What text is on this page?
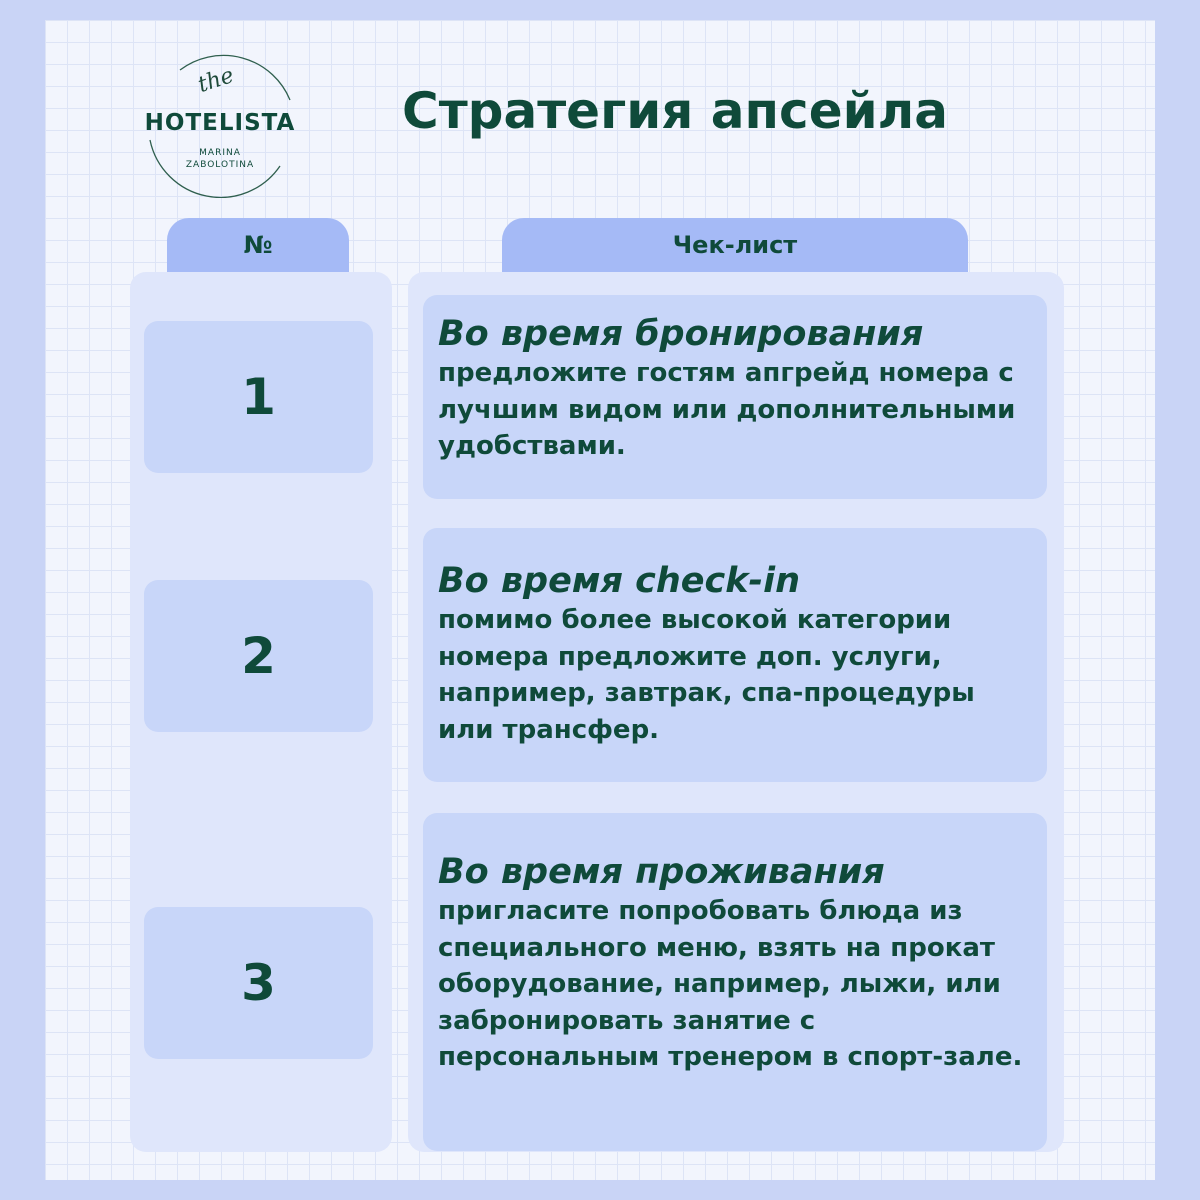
the
HOTELISTA
MARINA
ZABOLOTINA
Стратегия апсейла
№	Чек-лист
1
2
3
Во время бронирования
предложите гостям апгрейд номера с лучшим видом или дополнительными удобствами.
Во время check-in
помимо более высокой категории номера предложите доп. услуги, например, завтрак, спа-процедуры или трансфер.
Во время проживания
пригласите попробовать блюда из специального меню, взять на прокат оборудование, например, лыжи, или забронировать занятие с персональным тренером в спорт-зале.
